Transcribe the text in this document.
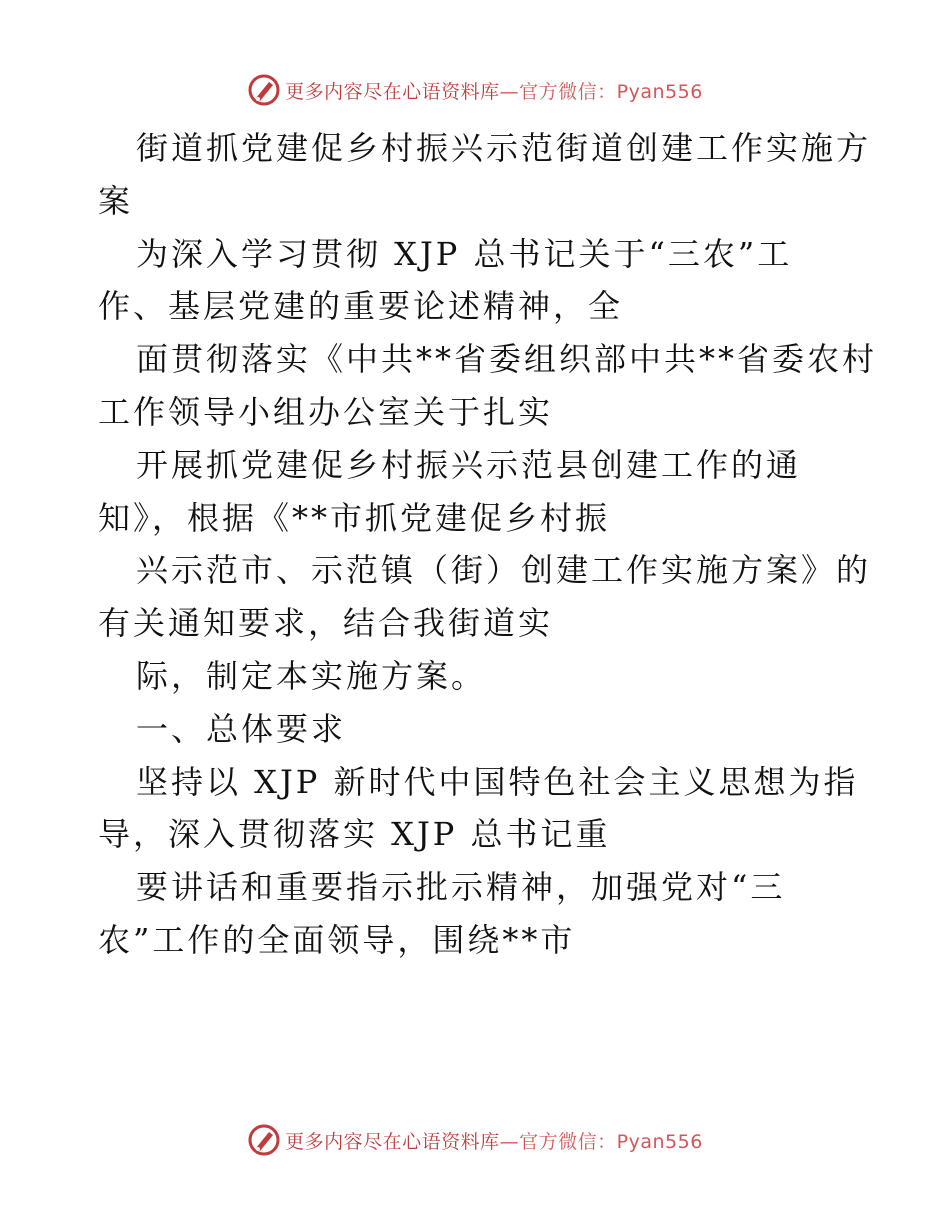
更多内容尽在心语资料库—官方微信：Pyan556
街道抓党建促乡村振兴示范街道创建工作实施方
案
为深入学习贯彻 XJP 总书记关于“三农”工
作、基层党建的重要论述精神，全
面贯彻落实《中共**省委组织部中共**省委农村
工作领导小组办公室关于扎实
开展抓党建促乡村振兴示范县创建工作的通
知》，根据《**市抓党建促乡村振
兴示范市、示范镇（街）创建工作实施方案》的
有关通知要求，结合我街道实
际，制定本实施方案。
一、总体要求
坚持以 XJP 新时代中国特色社会主义思想为指
导，深入贯彻落实 XJP 总书记重
要讲话和重要指示批示精神，加强党对“三
农”工作的全面领导，围绕**市
更多内容尽在心语资料库—官方微信：Pyan556
